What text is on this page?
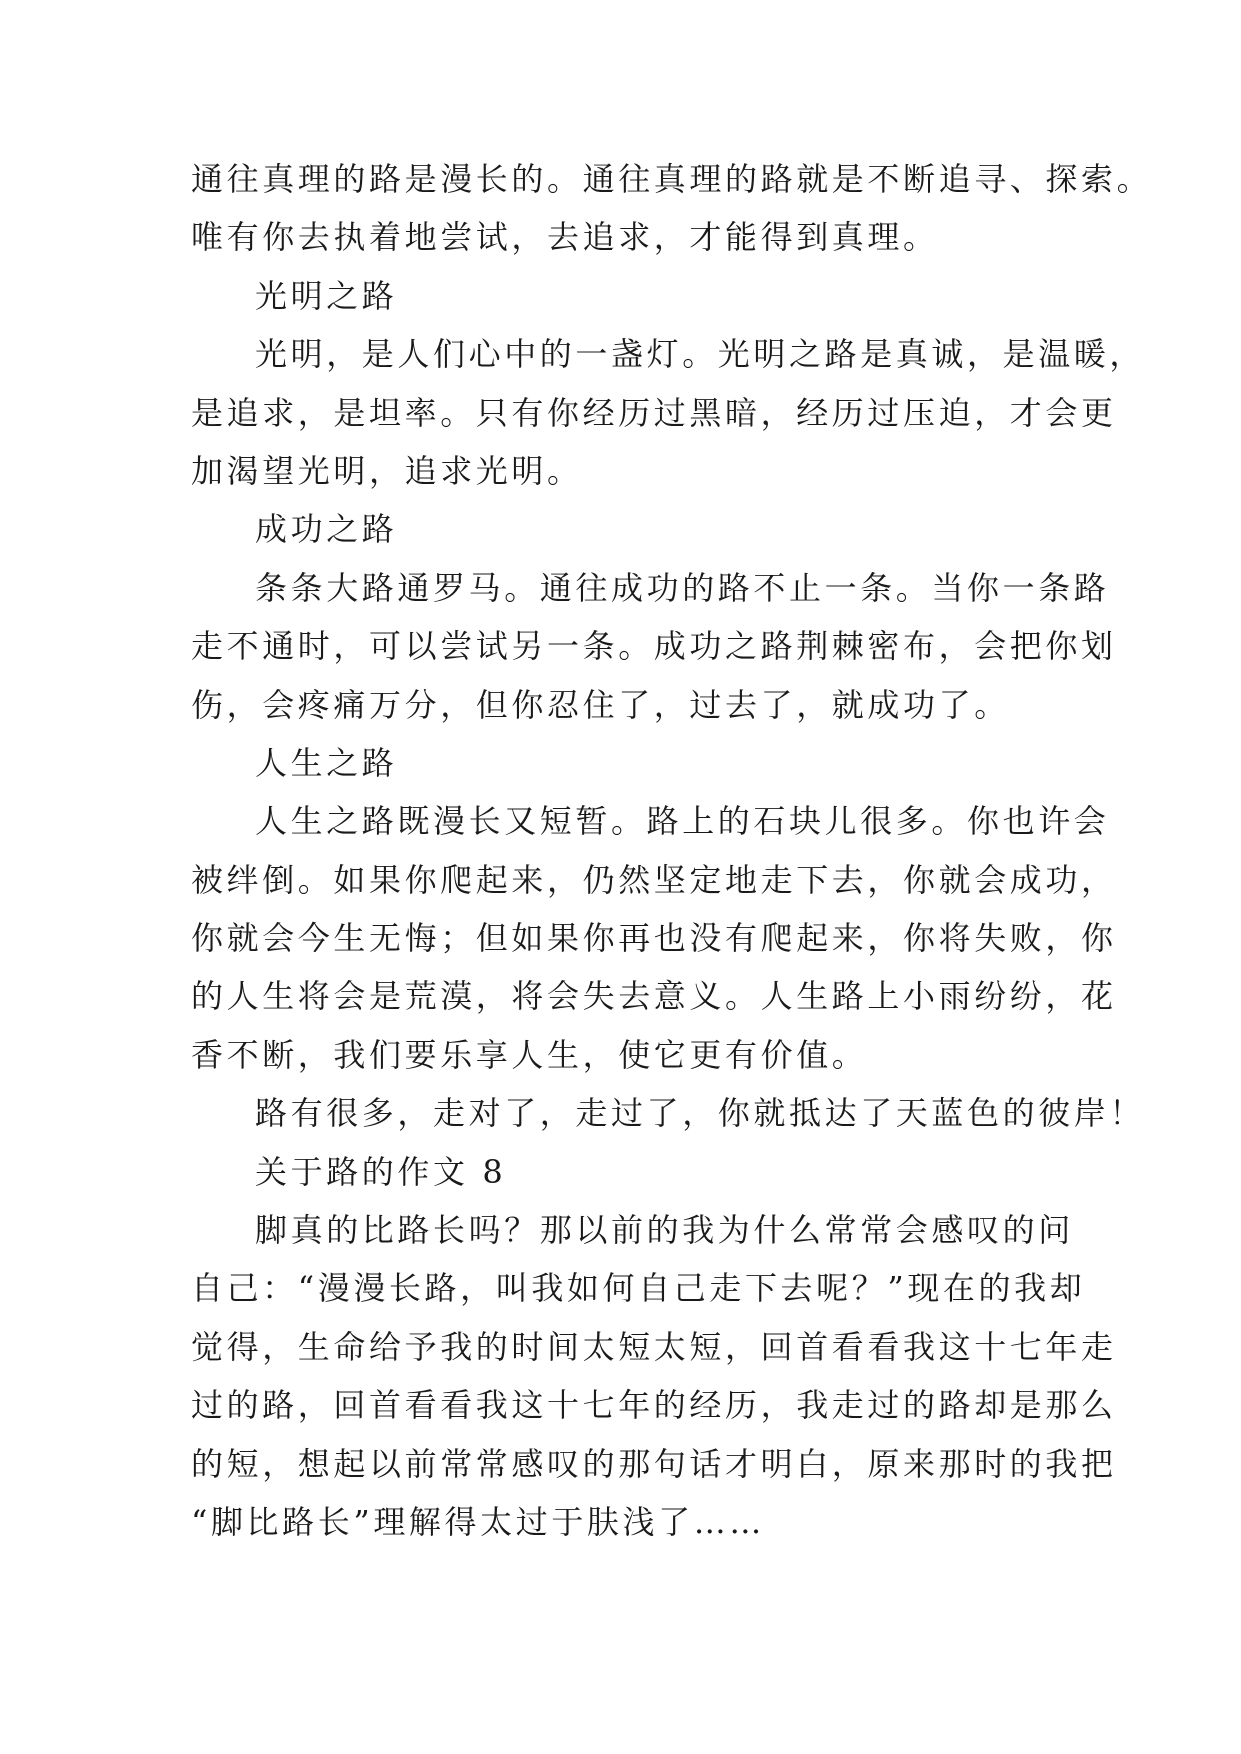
通往真理的路是漫长的。通往真理的路就是不断追寻、探索。
唯有你去执着地尝试，去追求，才能得到真理。
光明之路
光明，是人们心中的一盏灯。光明之路是真诚，是温暖，
是追求，是坦率。只有你经历过黑暗，经历过压迫，才会更
加渴望光明，追求光明。
成功之路
条条大路通罗马。通往成功的路不止一条。当你一条路
走不通时，可以尝试另一条。成功之路荆棘密布，会把你划
伤，会疼痛万分，但你忍住了，过去了，就成功了。
人生之路
人生之路既漫长又短暂。路上的石块儿很多。你也许会
被绊倒。如果你爬起来，仍然坚定地走下去，你就会成功，
你就会今生无悔；但如果你再也没有爬起来，你将失败，你
的人生将会是荒漠，将会失去意义。人生路上小雨纷纷，花
香不断，我们要乐享人生，使它更有价值。
路有很多，走对了，走过了，你就抵达了天蓝色的彼岸！
关于路的作文 8
脚真的比路长吗？那以前的我为什么常常会感叹的问
自己：“漫漫长路，叫我如何自己走下去呢？”现在的我却
觉得，生命给予我的时间太短太短，回首看看我这十七年走
过的路，回首看看我这十七年的经历，我走过的路却是那么
的短，想起以前常常感叹的那句话才明白，原来那时的我把
“脚比路长”理解得太过于肤浅了……
